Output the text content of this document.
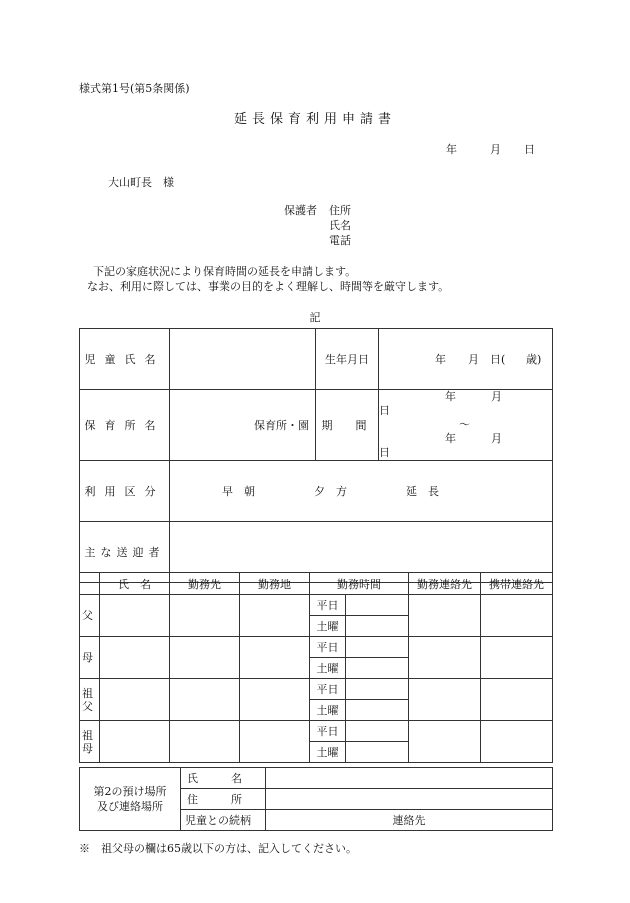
様式第1号(第5条関係)
延長保育利用申請書
年	月 日
大山町長　様
保護者 住所
氏名
電話
下記の家庭状況により保育時間の延長を申請します。
なお、利用に際しては、事業の目的をよく理解し、時間等を厳守します。
記
児童氏名		生年月日	年 月 日( 歳)
保育所名	保育所・園	期　間	年 月日
～
年 月日

利用区分	早　朝 夕　方 延　長		
主な送迎者			
	氏　名	勤務先	勤務地	勤務時間		勤務連絡先	携帯連絡先
父				平日			
				土曜			
母				平日			
				土曜			

祖
父				平日			
				土曜			

祖
母				平日			
				土曜			
第2の預け場所
及び連絡場所	氏　　　名	
	住　　　所	
	児童との続柄	連絡先
※　祖父母の欄は65歳以下の方は、記入してください。
